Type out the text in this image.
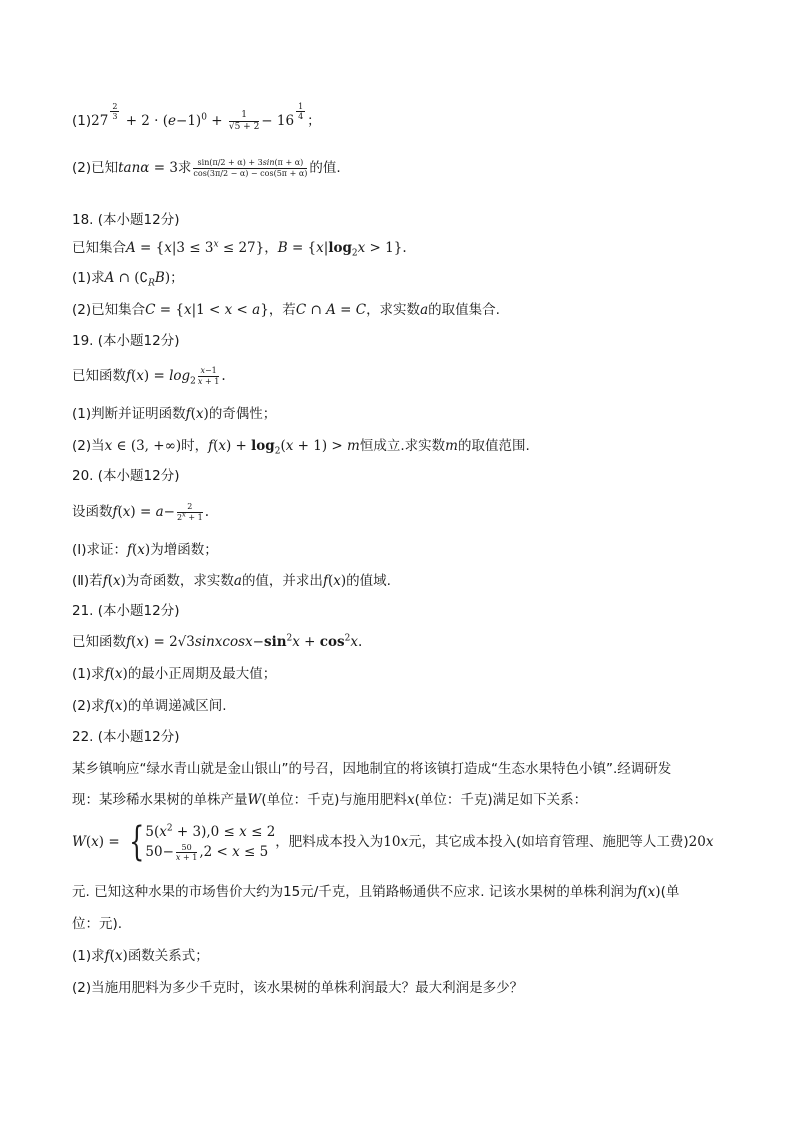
(1)27 $^{\frac{2}{3}} + 2 \cdot (e-1)^0 + \frac{1}{√5 + 2} - 16$ $^{\frac{1}{4}}$ ；
(2)已知tanα = 3求 $\frac{\sin(\pi/2 + \alpha) + 3\sin(\pi + \alpha)}{\cos(3\pi/2 - \alpha) - \cos(5\pi + \alpha)}$ 的值.
18. (本小题12分)
已知集合$A = \{x|3 \le 3^x \le 27\}$，$B = \{x|\log_2x > 1\}$.
(1)求A ∩ $(∁_RB)$；
(2)已知集合C = {x|1 < x < a}，若C ∩ A = C，求实数a的取值集合.
19. (本小题12分)
已知函数$f(x) = \log_2 \frac{x-1}{x + 1}$ .
(1)判断并证明函数f(x)的奇偶性；
(2)当x ∈ (3, +∞)时，$f(x) + \log_2(x + 1) > m$恒成立.求实数m的取值范围.
20. (本小题12分)
设函数$f(x) = a- \frac{2}{2^x + 1}$ .
(Ⅰ)求证：f(x)为增函数；
(Ⅱ)若f(x)为奇函数，求实数a的值，并求出f(x)的值域.
21. (本小题12分)
已知函数$f(x) = 2√3sinxcosx-\sin^2x + \cos^2x$.
(1)求f(x)的最小正周期及最大值；
(2)求f(x)的单调递减区间.
22. (本小题12分)
某乡镇响应“绿水青山就是金山银山”的号召，因地制宜的将该镇打造成“生态水果特色小镇”.经调研发
现：某珍稀水果树的单株产量W(单位：千克)与施用肥料x(单位：千克)满足如下关系：
W(x) = { $5(x^2 + 3),0 \le x \le 2$
$50- \frac{50}{x + 1} ,2 < x \le 5$
，肥料成本投入为10x元，其它成本投入(如培育管理、施肥等人工费)20x
元. 已知这种水果的市场售价大约为15元/千克，且销路畅通供不应求. 记该水果树的单株利润为f(x)(单
位：元).
(1)求f(x)函数关系式；
(2)当施用肥料为多少千克时，该水果树的单株利润最大？最大利润是多少？
